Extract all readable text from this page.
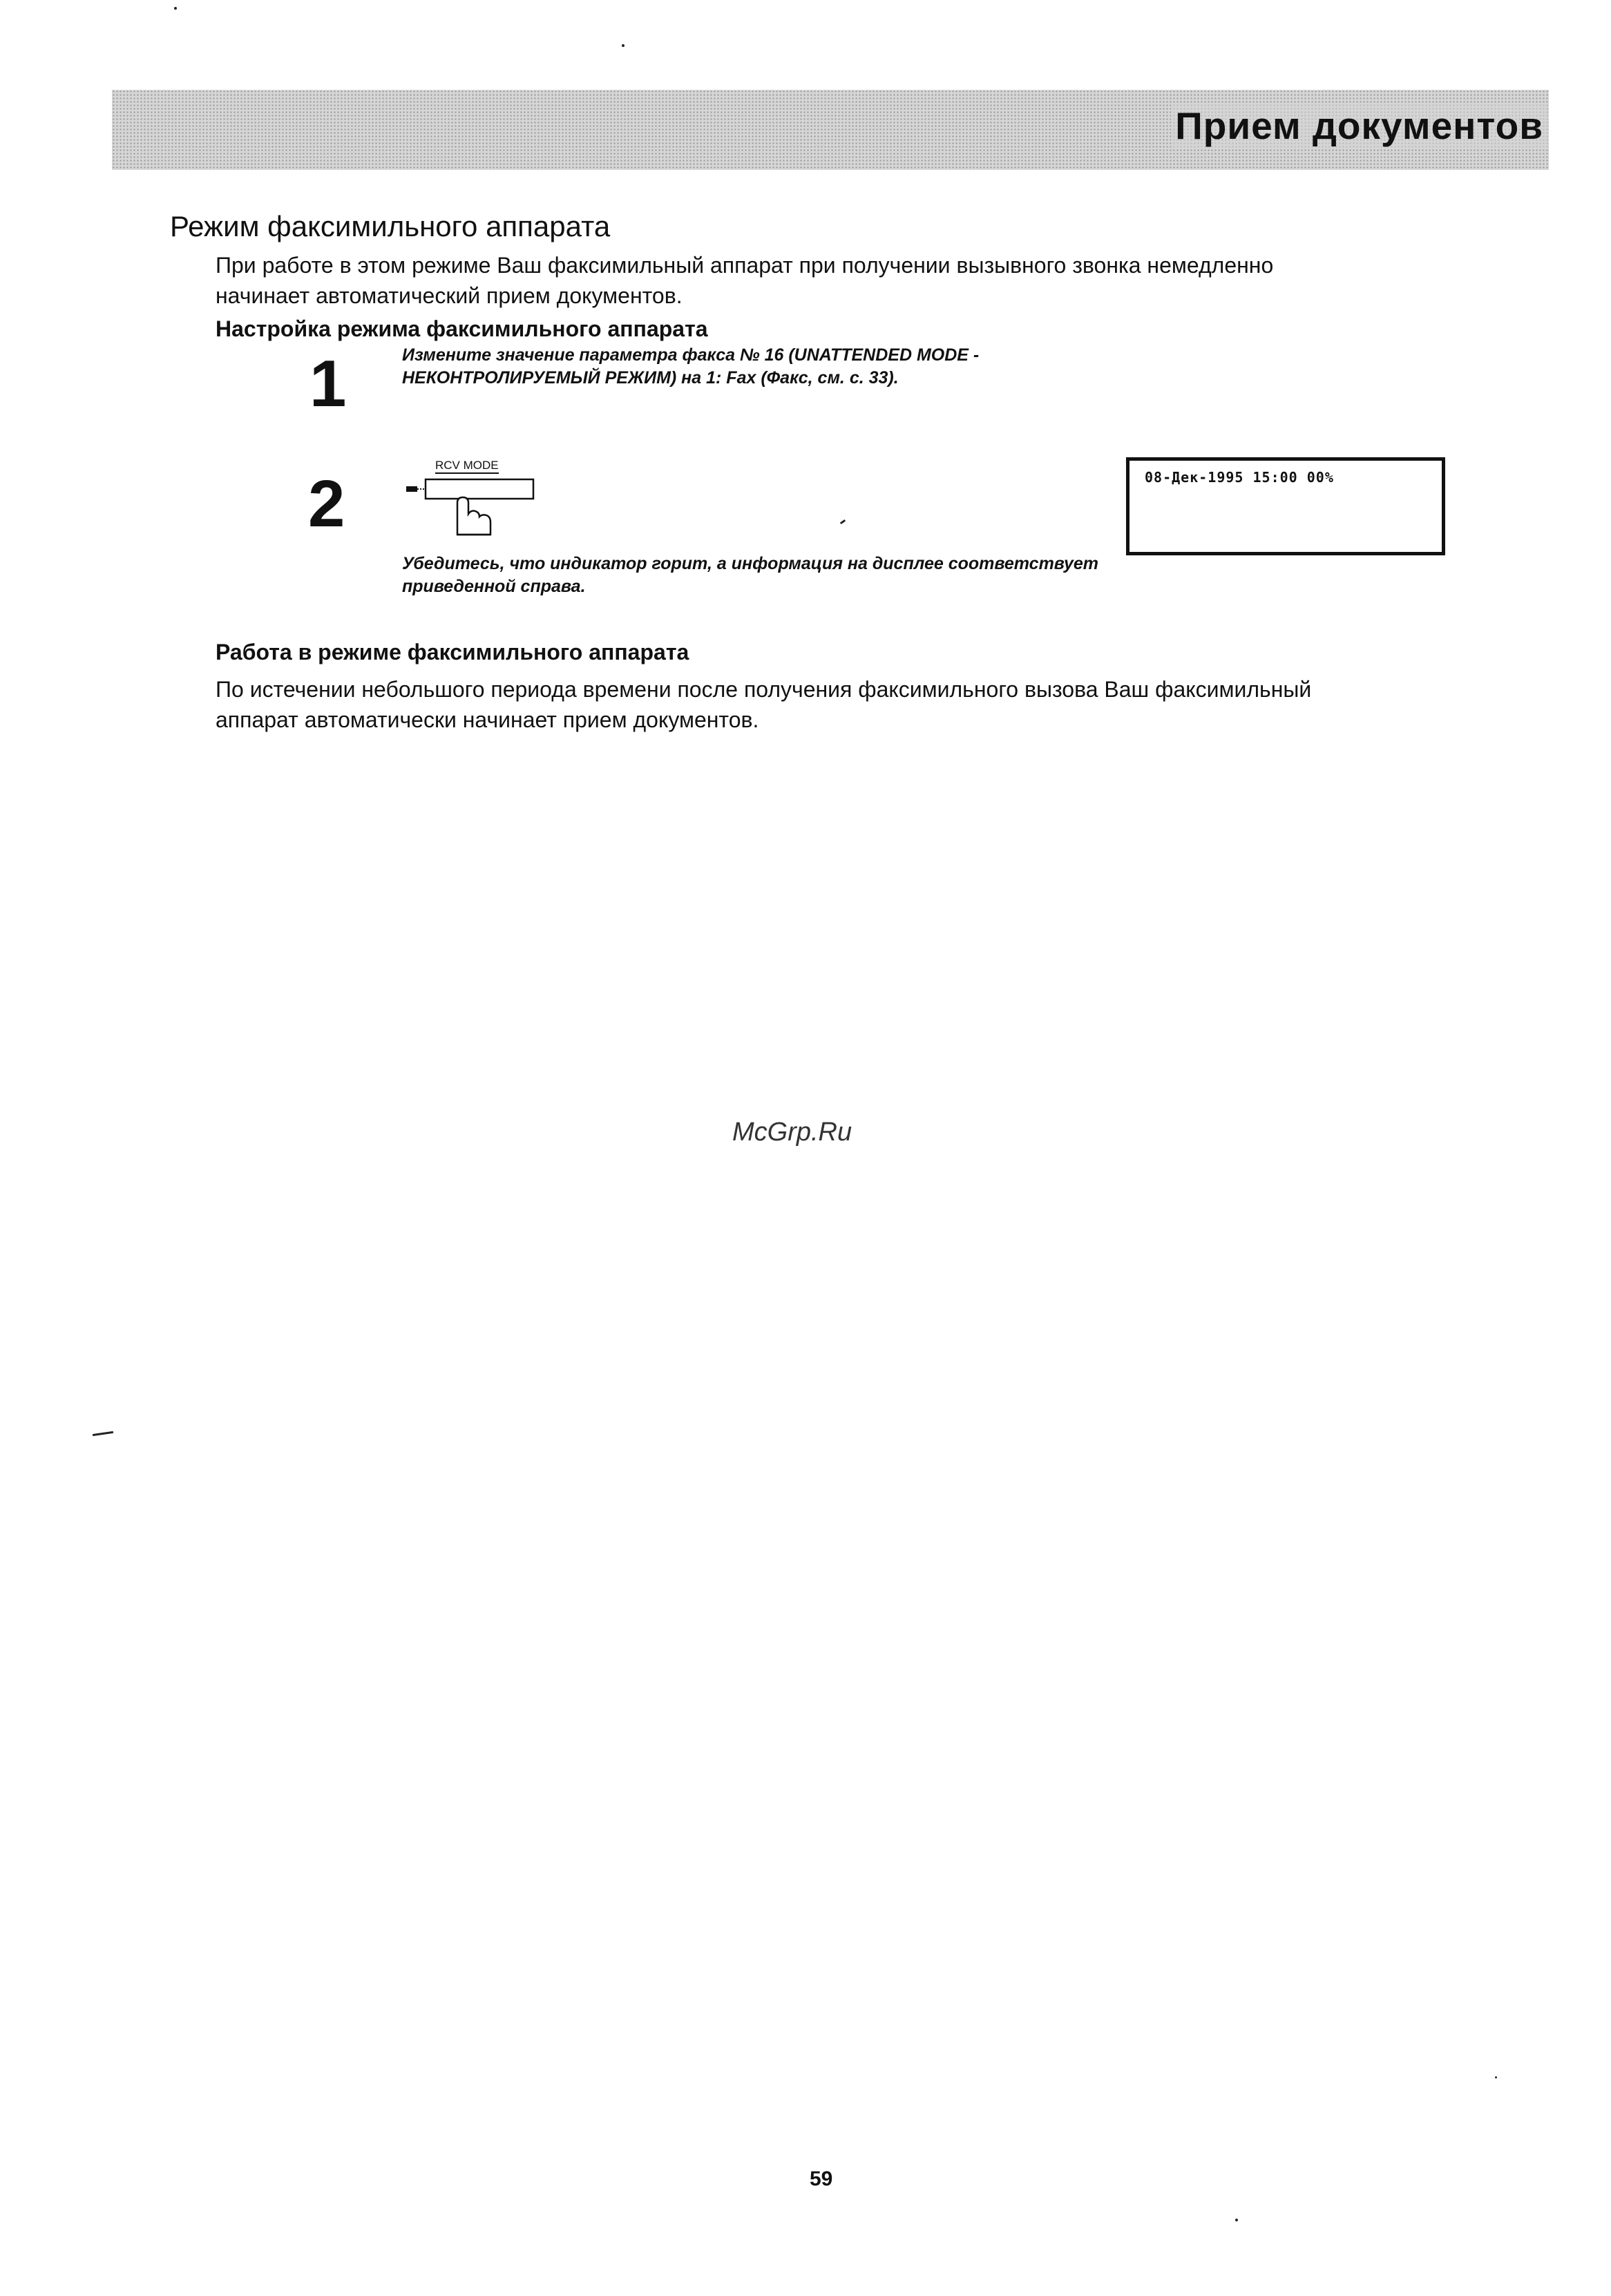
Прием документов
Режим факсимильного аппарата
При работе в этом режиме Ваш факсимильный аппарат при получении вызывного звонка немедленно
начинает автоматический прием документов.
Настройка режима факсимильного аппарата
1	Измените значение параметра факса № 16 (UNATTENDED MODE -
НЕКОНТРОЛИРУЕМЫЙ РЕЖИМ) на 1: Fax (Факс, см. с. 33).
2
RCV MODE
08-Дек-1995 15:00 00%
Убедитесь, что индикатор горит, а информация на дисплее соответствует
приведенной справа.
Работа в режиме факсимильного аппарата
По истечении небольшого периода времени после получения факсимильного вызова Ваш факсимильный
аппарат автоматически начинает прием документов.
McGrp.Ru
59
